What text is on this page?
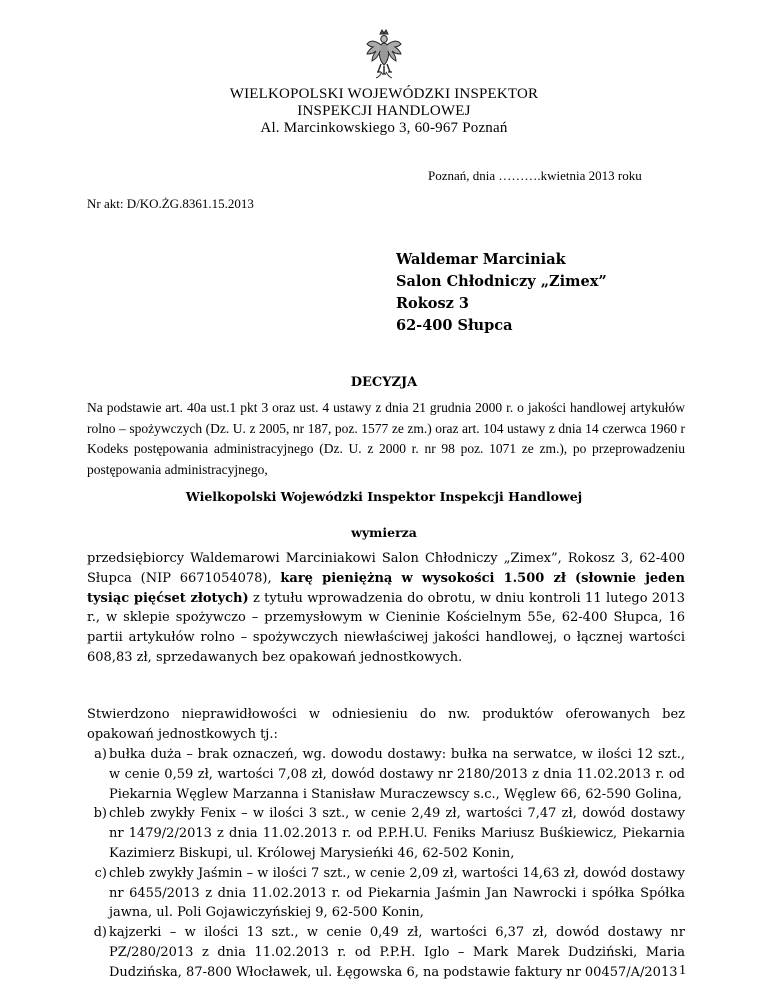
WIELKOPOLSKI WOJEWÓDZKI INSPEKTOR
INSPEKCJI HANDLOWEJ
Al. Marcinkowskiego 3, 60-967 Poznań
Poznań, dnia ……….kwietnia 2013 roku
Nr akt: D/KO.ŻG.8361.15.2013
Waldemar Marciniak
Salon Chłodniczy „Zimex”
Rokosz 3
62-400 Słupca
DECYZJA
Na podstawie art. 40a ust.1 pkt 3 oraz ust. 4 ustawy z dnia 21 grudnia 2000 r. o jakości handlowej artykułów rolno – spożywczych (Dz. U. z 2005, nr 187, poz. 1577 ze zm.) oraz art. 104 ustawy z dnia 14 czerwca 1960 r Kodeks postępowania administracyjnego (Dz. U. z 2000 r. nr 98 poz. 1071 ze zm.), po przeprowadzeniu postępowania administracyjnego,
Wielkopolski Wojewódzki Inspektor Inspekcji Handlowej
wymierza
przedsiębiorcy Waldemarowi Marciniakowi Salon Chłodniczy „Zimex”, Rokosz 3, 62-400 Słupca (NIP 6671054078), karę pieniężną w wysokości 1.500 zł (słownie jeden tysiąc pięćset złotych) z tytułu wprowadzenia do obrotu, w dniu kontroli 11 lutego 2013 r., w sklepie spożywczo – przemysłowym w Cieninie Kościelnym 55e, 62-400 Słupca, 16 partii artykułów rolno – spożywczych niewłaściwej jakości handlowej, o łącznej wartości 608,83 zł, sprzedawanych bez opakowań jednostkowych.
Stwierdzono nieprawidłowości w odniesieniu do nw. produktów oferowanych bez opakowań jednostkowych tj.:
a) bułka duża – brak oznaczeń, wg. dowodu dostawy: bułka na serwatce, w ilości 12 szt., w cenie 0,59 zł, wartości 7,08 zł, dowód dostawy nr 2180/2013 z dnia 11.02.2013 r. od Piekarnia Węglew Marzanna i Stanisław Muraczewscy s.c., Węglew 66, 62-590 Golina,
b) chleb zwykły Fenix – w ilości 3 szt., w cenie 2,49 zł, wartości 7,47 zł, dowód dostawy nr 1479/2/2013 z dnia 11.02.2013 r. od P.P.H.U. Feniks Mariusz Buśkiewicz, Piekarnia Kazimierz Biskupi, ul. Królowej Marysieńki 46, 62-502 Konin,
c) chleb zwykły Jaśmin – w ilości 7 szt., w cenie 2,09 zł, wartości 14,63 zł, dowód dostawy nr 6455/2013 z dnia 11.02.2013 r. od Piekarnia Jaśmin Jan Nawrocki i spółka Spółka jawna, ul. Poli Gojawiczyńskiej 9, 62-500 Konin,
d) kajzerki – w ilości 13 szt., w cenie 0,49 zł, wartości 6,37 zł, dowód dostawy nr PZ/280/2013 z dnia 11.02.2013 r. od P.P.H. Iglo – Mark Marek Dudziński, Maria Dudzińska, 87-800 Włocławek, ul. Łęgowska 6, na podstawie faktury nr 00457/A/2013 1
